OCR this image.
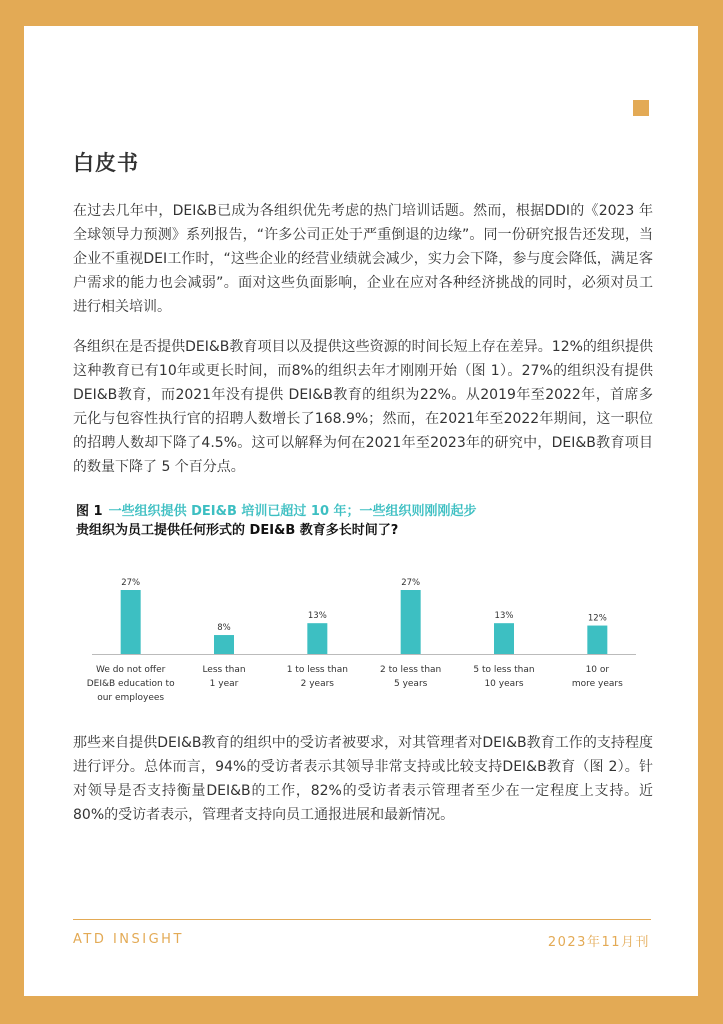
白皮书

在过去几年中，DEI&B已成为各组织优先考虑的热门培训话题。然而，根据DDI的《2023 年全球领导力预测》系列报告，“许多公司正处于严重倒退的边缘”。同一份研究报告还发现，当企业不重视DEI工作时，“这些企业的经营业绩就会减少，实力会下降，参与度会降低，满足客户需求的能力也会减弱”。面对这些负面影响，企业在应对各种经济挑战的同时，必须对员工进行相关培训。

各组织在是否提供DEI&B教育项目以及提供这些资源的时间长短上存在差异。12%的组织提供这种教育已有10年或更长时间，而8%的组织去年才刚刚开始（图 1）。27%的组织没有提供DEI&B教育，而2021年没有提供 DEI&B教育的组织为22%。从2019年至2022年，首席多元化与包容性执行官的招聘人数增长了168.9%；然而，在2021年至2022年期间，这一职位的招聘人数却下降了4.5%。这可以解释为何在2021年至2023年的研究中，DEI&B教育项目的数量下降了 5 个百分点。

图 1 一些组织提供 DEI&B 培训已超过 10 年；一些组织则刚刚起步
贵组织为员工提供任何形式的 DEI&B 教育多长时间了?
27%
We do not offer DEI&B education to our employees
8%
Less than 1 year
13%
1 to less than 2 years
27%
2 to less than 5 years
13%
5 to less than 10 years
12%
10 or more years

那些来自提供DEI&B教育的组织中的受访者被要求，对其管理者对DEI&B教育工作的支持程度进行评分。总体而言，94%的受访者表示其领导非常支持或比较支持DEI&B教育（图 2）。针对领导是否支持衡量DEI&B的工作，82%的受访者表示管理者至少在一定程度上支持。近80%的受访者表示，管理者支持向员工通报进展和最新情况。

ATD INSIGHT	2023年11月刊
